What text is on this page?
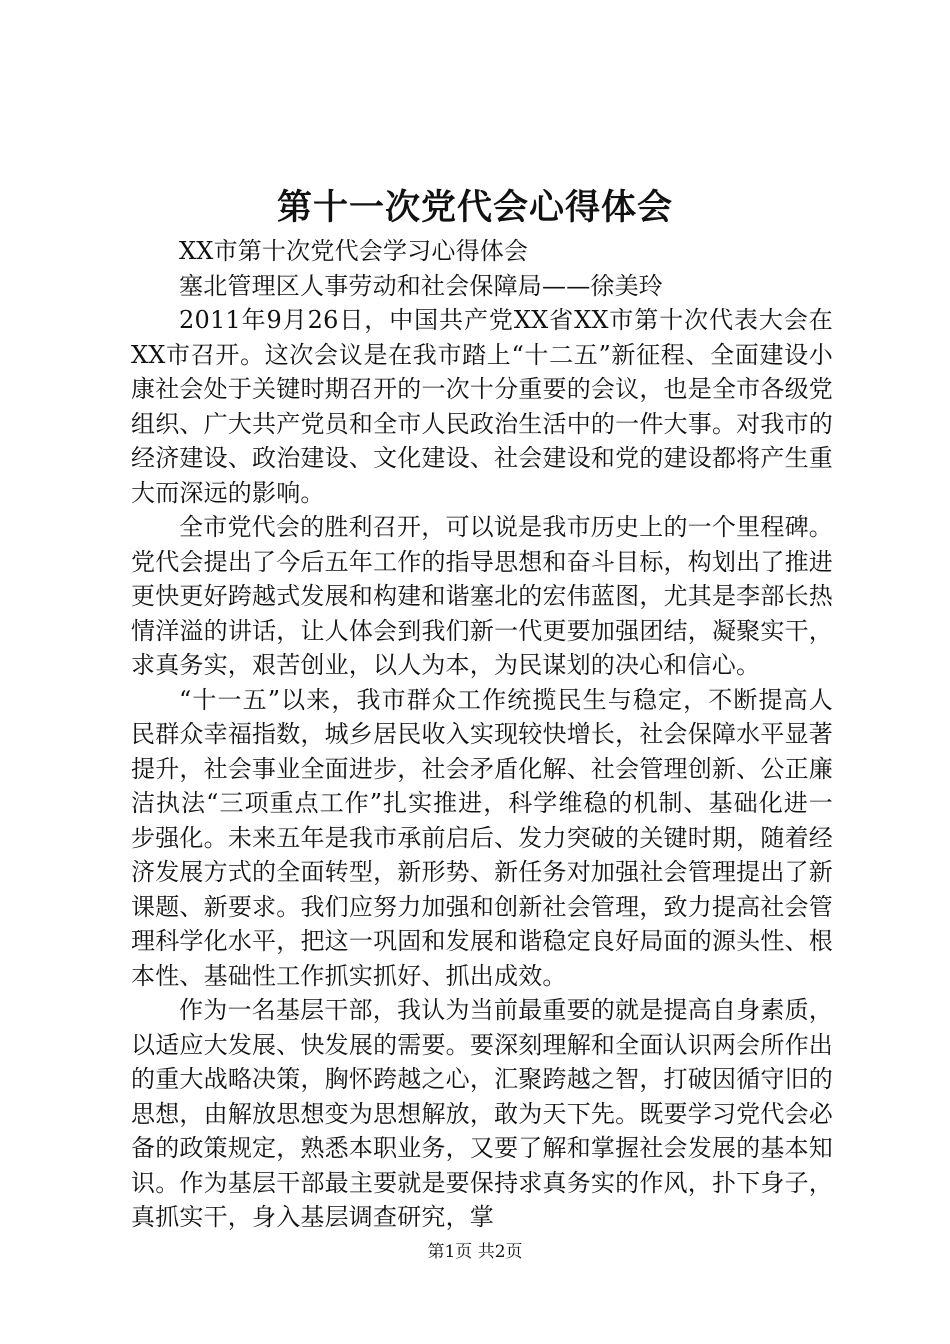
第十一次党代会心得体会

XX市第十次党代会学习心得体会

塞北管理区人事劳动和社会保障局——徐美玲

2011年9月26日，中国共产党XX省XX市第十次代表大会在XX市召开。这次会议是在我市踏上“十二五”新征程、全面建设小康社会处于关键时期召开的一次十分重要的会议，也是全市各级党组织、广大共产党员和全市人民政治生活中的一件大事。对我市的经济建设、政治建设、文化建设、社会建设和党的建设都将产生重大而深远的影响。

全市党代会的胜利召开，可以说是我市历史上的一个里程碑。党代会提出了今后五年工作的指导思想和奋斗目标，构划出了推进更快更好跨越式发展和构建和谐塞北的宏伟蓝图，尤其是李部长热情洋溢的讲话，让人体会到我们新一代更要加强团结，凝聚实干，求真务实，艰苦创业，以人为本，为民谋划的决心和信心。

“十一五”以来，我市群众工作统揽民生与稳定，不断提高人民群众幸福指数，城乡居民收入实现较快增长，社会保障水平显著提升，社会事业全面进步，社会矛盾化解、社会管理创新、公正廉洁执法“三项重点工作”扎实推进，科学维稳的机制、基础化进一步强化。未来五年是我市承前启后、发力突破的关键时期，随着经济发展方式的全面转型，新形势、新任务对加强社会管理提出了新课题、新要求。我们应努力加强和创新社会管理，致力提高社会管理科学化水平，把这一巩固和发展和谐稳定良好局面的源头性、根本性、基础性工作抓实抓好、抓出成效。

作为一名基层干部，我认为当前最重要的就是提高自身素质，以适应大发展、快发展的需要。要深刻理解和全面认识两会所作出的重大战略决策，胸怀跨越之心，汇聚跨越之智，打破因循守旧的思想，由解放思想变为思想解放，敢为天下先。既要学习党代会必备的政策规定，熟悉本职业务，又要了解和掌握社会发展的基本知识。作为基层干部最主要就是要保持求真务实的作风，扑下身子，真抓实干，身入基层调查研究，掌

第1页 共2页
